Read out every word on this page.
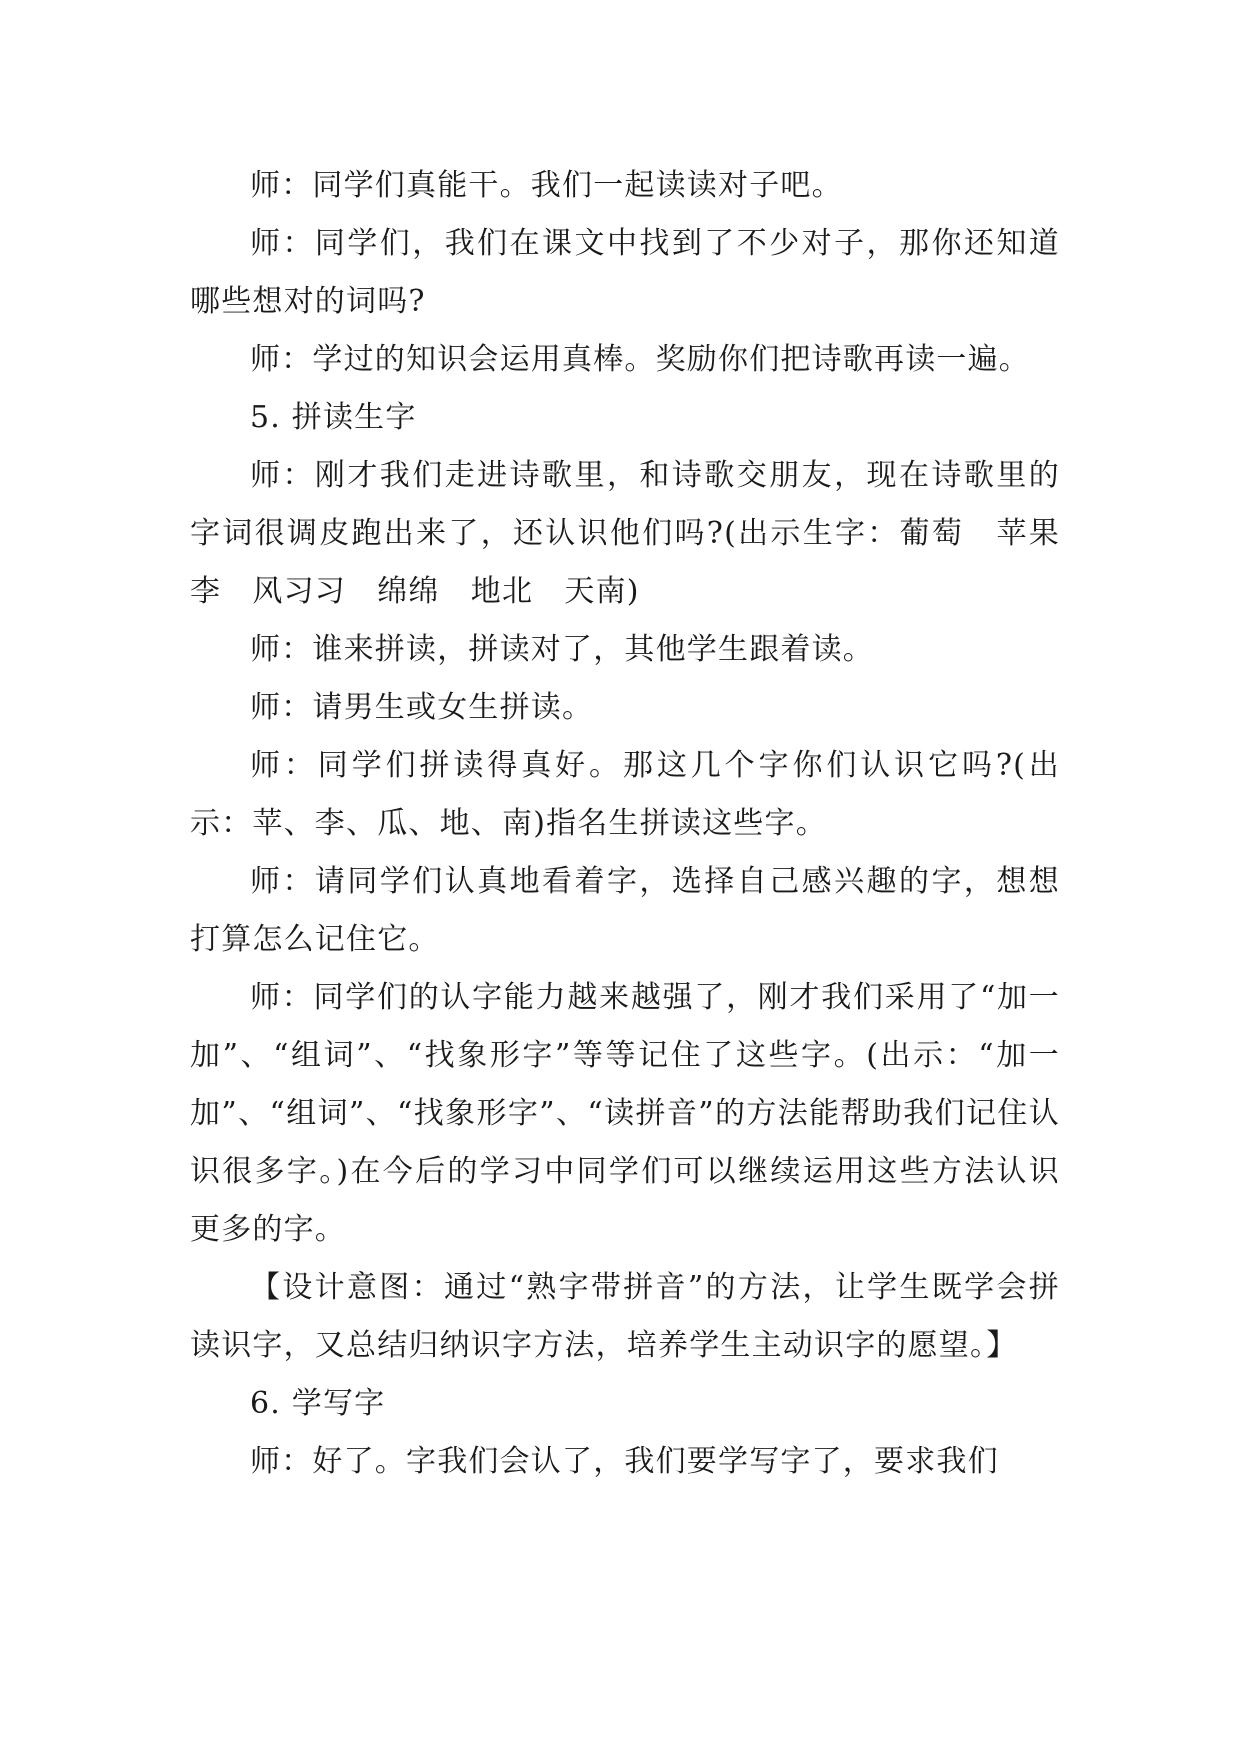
师：同学们真能干。我们一起读读对子吧。

师：同学们，我们在课文中找到了不少对子，那你还知道哪些想对的词吗?

师：学过的知识会运用真棒。奖励你们把诗歌再读一遍。

5. 拼读生字

师：刚才我们走进诗歌里，和诗歌交朋友，现在诗歌里的字词很调皮跑出来了，还认识他们吗?(出示生字：葡萄　苹果　李　风习习　绵绵　地北　天南)

师：谁来拼读，拼读对了，其他学生跟着读。

师：请男生或女生拼读。

师：同学们拼读得真好。那这几个字你们认识它吗?(出示：苹、李、瓜、地、南)指名生拼读这些字。

师：请同学们认真地看着字，选择自己感兴趣的字，想想打算怎么记住它。

师：同学们的认字能力越来越强了，刚才我们采用了“加一加”、“组词”、“找象形字”等等记住了这些字。(出示：“加一加”、“组词”、“找象形字”、“读拼音”的方法能帮助我们记住认识很多字。)在今后的学习中同学们可以继续运用这些方法认识更多的字。

【设计意图：通过“熟字带拼音”的方法，让学生既学会拼读识字，又总结归纳识字方法，培养学生主动识字的愿望。】

6. 学写字

师：好了。字我们会认了，我们要学写字了，要求我们
